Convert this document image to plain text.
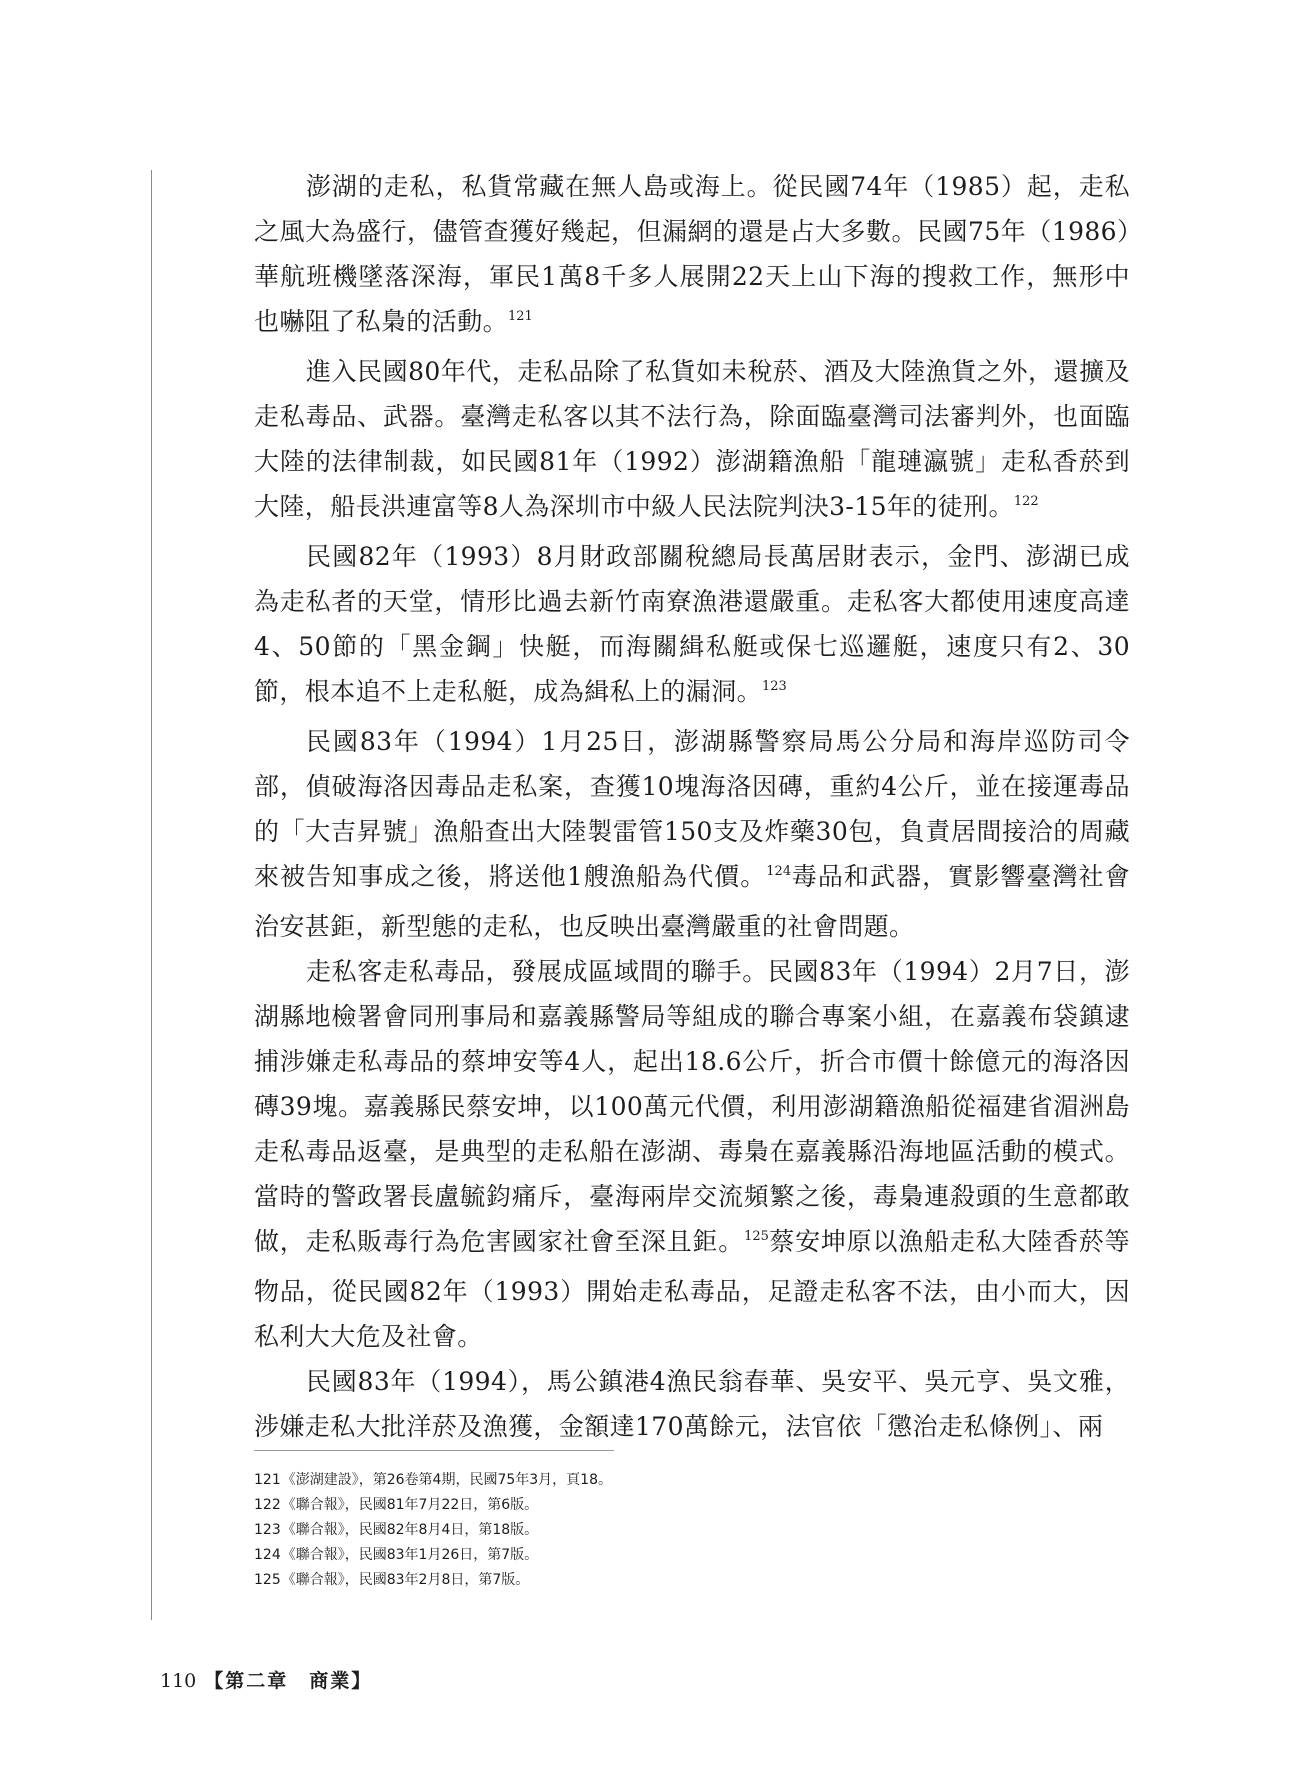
澎湖的走私，私貨常藏在無人島或海上。從民國74年（1985）起，走私之風大為盛行，儘管查獲好幾起，但漏網的還是占大多數。民國75年（1986）華航班機墜落深海，軍民1萬8千多人展開22天上山下海的搜救工作，無形中也嚇阻了私梟的活動。$^{121}$

進入民國80年代，走私品除了私貨如未稅菸、酒及大陸漁貨之外，還擴及走私毒品、武器。臺灣走私客以其不法行為，除面臨臺灣司法審判外，也面臨大陸的法律制裁，如民國81年（1992）澎湖籍漁船「龍璉瀛號」走私香菸到大陸，船長洪連富等8人為深圳市中級人民法院判決3-15年的徒刑。$^{122}$

民國82年（1993）8月財政部關稅總局長萬居財表示，金門、澎湖已成為走私者的天堂，情形比過去新竹南寮漁港還嚴重。走私客大都使用速度高達4、50節的「黑金鋼」快艇，而海關緝私艇或保七巡邏艇，速度只有2、30節，根本追不上走私艇，成為緝私上的漏洞。$^{123}$

民國83年（1994）1月25日，澎湖縣警察局馬公分局和海岸巡防司令部，偵破海洛因毒品走私案，查獲10塊海洛因磚，重約4公斤，並在接運毒品的「大吉昇號」漁船查出大陸製雷管150支及炸藥30包，負責居間接洽的周藏來被告知事成之後，將送他1艘漁船為代價。$^{124}$毒品和武器，實影響臺灣社會治安甚鉅，新型態的走私，也反映出臺灣嚴重的社會問題。

走私客走私毒品，發展成區域間的聯手。民國83年（1994）2月7日，澎湖縣地檢署會同刑事局和嘉義縣警局等組成的聯合專案小組，在嘉義布袋鎮逮捕涉嫌走私毒品的蔡坤安等4人，起出18.6公斤，折合市價十餘億元的海洛因磚39塊。嘉義縣民蔡安坤，以100萬元代價，利用澎湖籍漁船從福建省湄洲島走私毒品返臺，是典型的走私船在澎湖、毒梟在嘉義縣沿海地區活動的模式。當時的警政署長盧毓鈞痛斥，臺海兩岸交流頻繁之後，毒梟連殺頭的生意都敢做，走私販毒行為危害國家社會至深且鉅。$^{125}$蔡安坤原以漁船走私大陸香菸等物品，從民國82年（1993）開始走私毒品，足證走私客不法，由小而大，因私利大大危及社會。

民國83年（1994），馬公鎮港4漁民翁春華、吳安平、吳元亨、吳文雅，涉嫌走私大批洋菸及漁獲，金額達170萬餘元，法官依「懲治走私條例」、兩

121《澎湖建設》，第26卷第4期，民國75年3月，頁18。
122《聯合報》，民國81年7月22日，第6版。
123《聯合報》，民國82年8月4日，第18版。
124《聯合報》，民國83年1月26日，第7版。
125《聯合報》，民國83年2月8日，第7版。
110 【第二章　商業】
